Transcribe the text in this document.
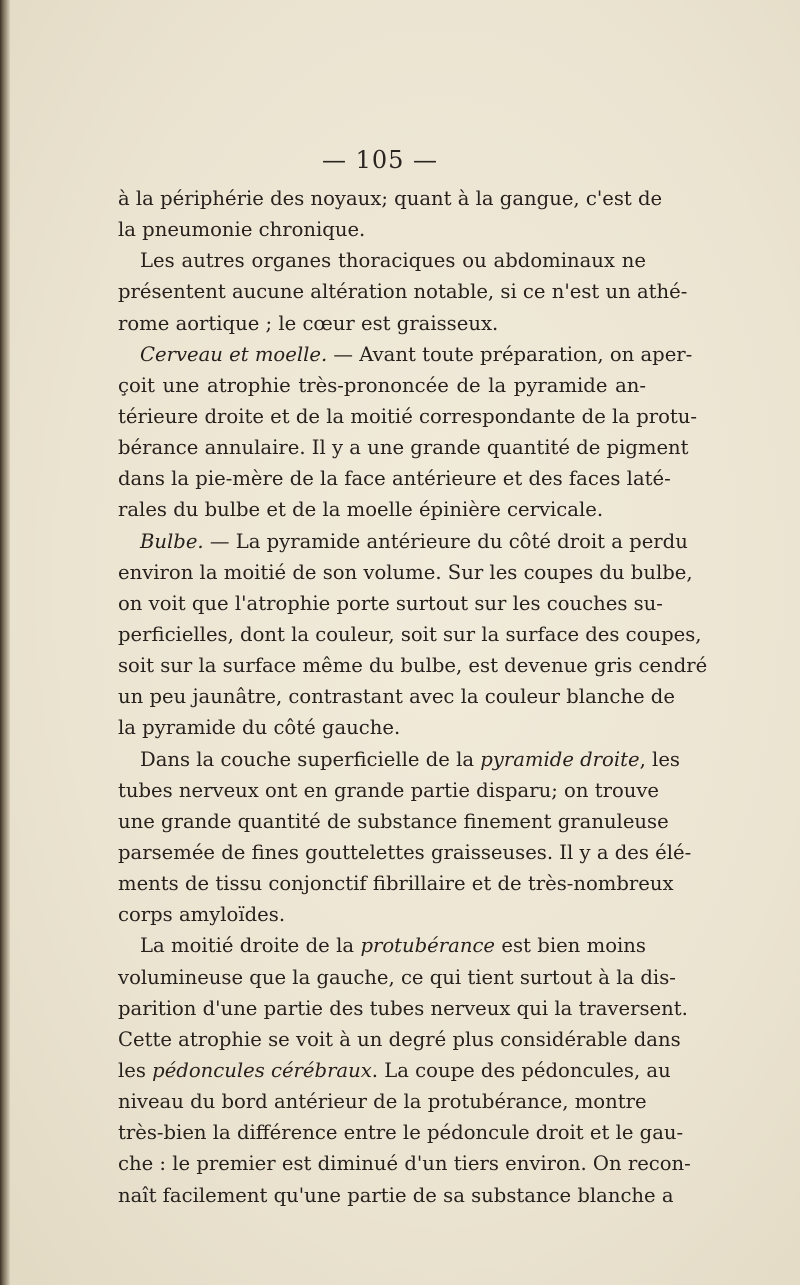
— 105 —
à la périphérie des noyaux; quant à la gangue, c'est de
la pneumonie chronique.
Les autres organes thoraciques ou abdominaux ne
présentent aucune altération notable, si ce n'est un athé-
rome aortique ; le cœur est graisseux.
Cerveau et moelle. — Avant toute préparation, on aper-
çoit une atrophie très-prononcée de la pyramide an-
térieure droite et de la moitié correspondante de la protu-
bérance annulaire. Il y a une grande quantité de pigment
dans la pie-mère de la face antérieure et des faces laté-
rales du bulbe et de la moelle épinière cervicale.
Bulbe. — La pyramide antérieure du côté droit a perdu
environ la moitié de son volume. Sur les coupes du bulbe,
on voit que l'atrophie porte surtout sur les couches su-
perficielles, dont la couleur, soit sur la surface des coupes,
soit sur la surface même du bulbe, est devenue gris cendré
un peu jaunâtre, contrastant avec la couleur blanche de
la pyramide du côté gauche.
Dans la couche superficielle de la pyramide droite, les
tubes nerveux ont en grande partie disparu; on trouve
une grande quantité de substance finement granuleuse
parsemée de fines gouttelettes graisseuses. Il y a des élé-
ments de tissu conjonctif fibrillaire et de très-nombreux
corps amyloïdes.
La moitié droite de la protubérance est bien moins
volumineuse que la gauche, ce qui tient surtout à la dis-
parition d'une partie des tubes nerveux qui la traversent.
Cette atrophie se voit à un degré plus considérable dans
les pédoncules cérébraux. La coupe des pédoncules, au
niveau du bord antérieur de la protubérance, montre
très-bien la différence entre le pédoncule droit et le gau-
che : le premier est diminué d'un tiers environ. On recon-
naît facilement qu'une partie de sa substance blanche a
